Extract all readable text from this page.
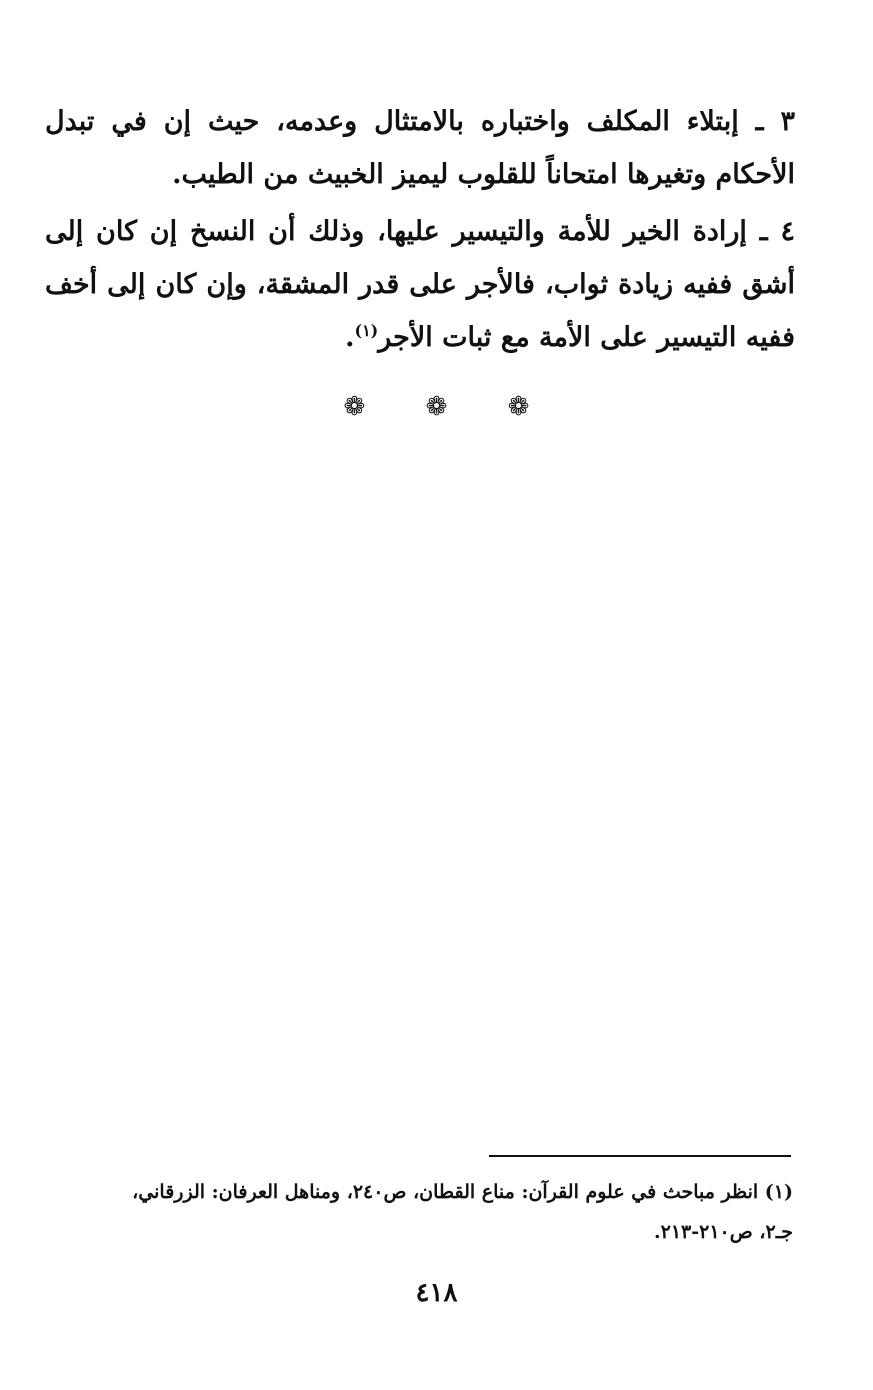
٣ ـ إبتلاء المكلف واختباره بالامتثال وعدمه، حيث إن في تبدل الأحكام وتغيرها امتحاناً للقلوب ليميز الخبيث من الطيب.

٤ ـ إرادة الخير للأمة والتيسير عليها، وذلك أن النسخ إن كان إلى أشق ففيه زيادة ثواب، فالأجر على قدر المشقة، وإن كان إلى أخف ففيه التيسير على الأمة مع ثبات الأجر$^{(١)}$.

❁ ❁ ❁

(١) انظر مباحث في علوم القرآن: مناع القطان، ص٢٤٠، ومناهل العرفان: الزرقاني،
جـ٢، ص٢١٠-٢١٣.

٤١٨
